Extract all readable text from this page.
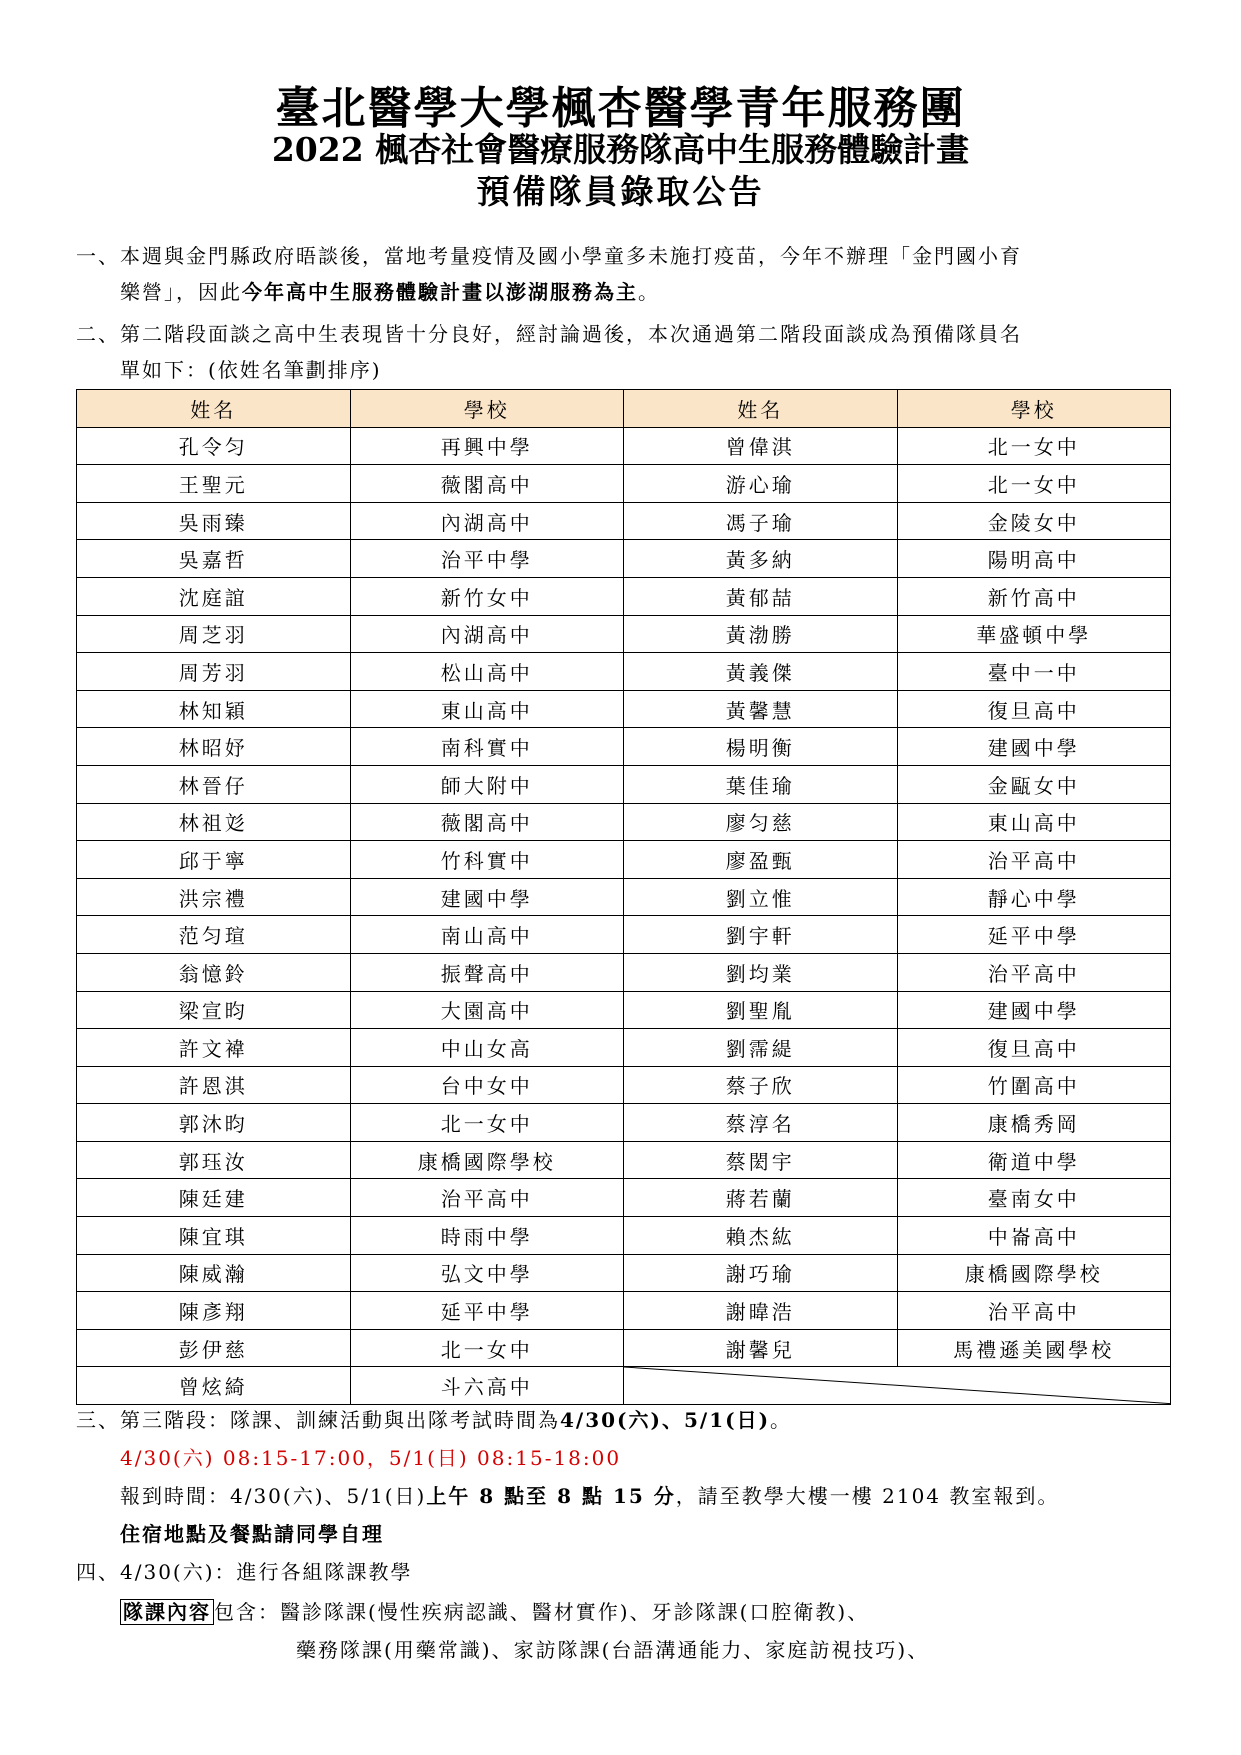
臺北醫學大學楓杏醫學青年服務團
2022 楓杏社會醫療服務隊高中生服務體驗計畫
預備隊員錄取公告
一、本週與金門縣政府晤談後，當地考量疫情及國小學童多未施打疫苗，今年不辦理「金門國小育
樂營」，因此今年高中生服務體驗計畫以澎湖服務為主。
二、第二階段面談之高中生表現皆十分良好，經討論過後，本次通過第二階段面談成為預備隊員名
單如下：(依姓名筆劃排序)
姓名	學校	姓名	學校
孔令匀	再興中學	曾偉淇	北一女中
王聖元	薇閣高中	游心瑜	北一女中
吳雨臻	內湖高中	馮子瑜	金陵女中
吳嘉哲	治平中學	黃多納	陽明高中
沈庭誼	新竹女中	黃郁喆	新竹高中
周芝羽	內湖高中	黃渤勝	華盛頓中學
周芳羽	松山高中	黃義傑	臺中一中
林知穎	東山高中	黃馨慧	復旦高中
林昭妤	南科實中	楊明衡	建國中學
林晉仔	師大附中	葉佳瑜	金甌女中
林祖彣	薇閣高中	廖匀慈	東山高中
邱于寧	竹科實中	廖盈甄	治平高中
洪宗禮	建國中學	劉立惟	靜心中學
范匀瑄	南山高中	劉宇軒	延平中學
翁憶鈴	振聲高中	劉均業	治平高中
梁宣昀	大園高中	劉聖胤	建國中學
許文褘	中山女高	劉霈緹	復旦高中
許恩淇	台中女中	蔡子欣	竹圍高中
郭沐昀	北一女中	蔡淳名	康橋秀岡
郭珏汝	康橋國際學校	蔡閎宇	衛道中學
陳廷建	治平高中	蔣若蘭	臺南女中
陳宜琪	時雨中學	賴杰紘	中崙高中
陳威瀚	弘文中學	謝巧瑜	康橋國際學校
陳彥翔	延平中學	謝暐浩	治平高中
彭伊慈	北一女中	謝馨兒	馬禮遜美國學校
曾炫綺	斗六高中	
三、第三階段：隊課、訓練活動與出隊考試時間為4/30(六)、5/1(日)。
4/30(六) 08:15-17:00，5/1(日) 08:15-18:00
報到時間：4/30(六)、5/1(日)上午 8 點至 8 點 15 分，請至教學大樓一樓 2104 教室報到。
住宿地點及餐點請同學自理
四、4/30(六)：進行各組隊課教學
隊課內容 包含：醫診隊課(慢性疾病認識、醫材實作)、牙診隊課(口腔衛教)、
藥務隊課(用藥常識)、家訪隊課(台語溝通能力、家庭訪視技巧)、
